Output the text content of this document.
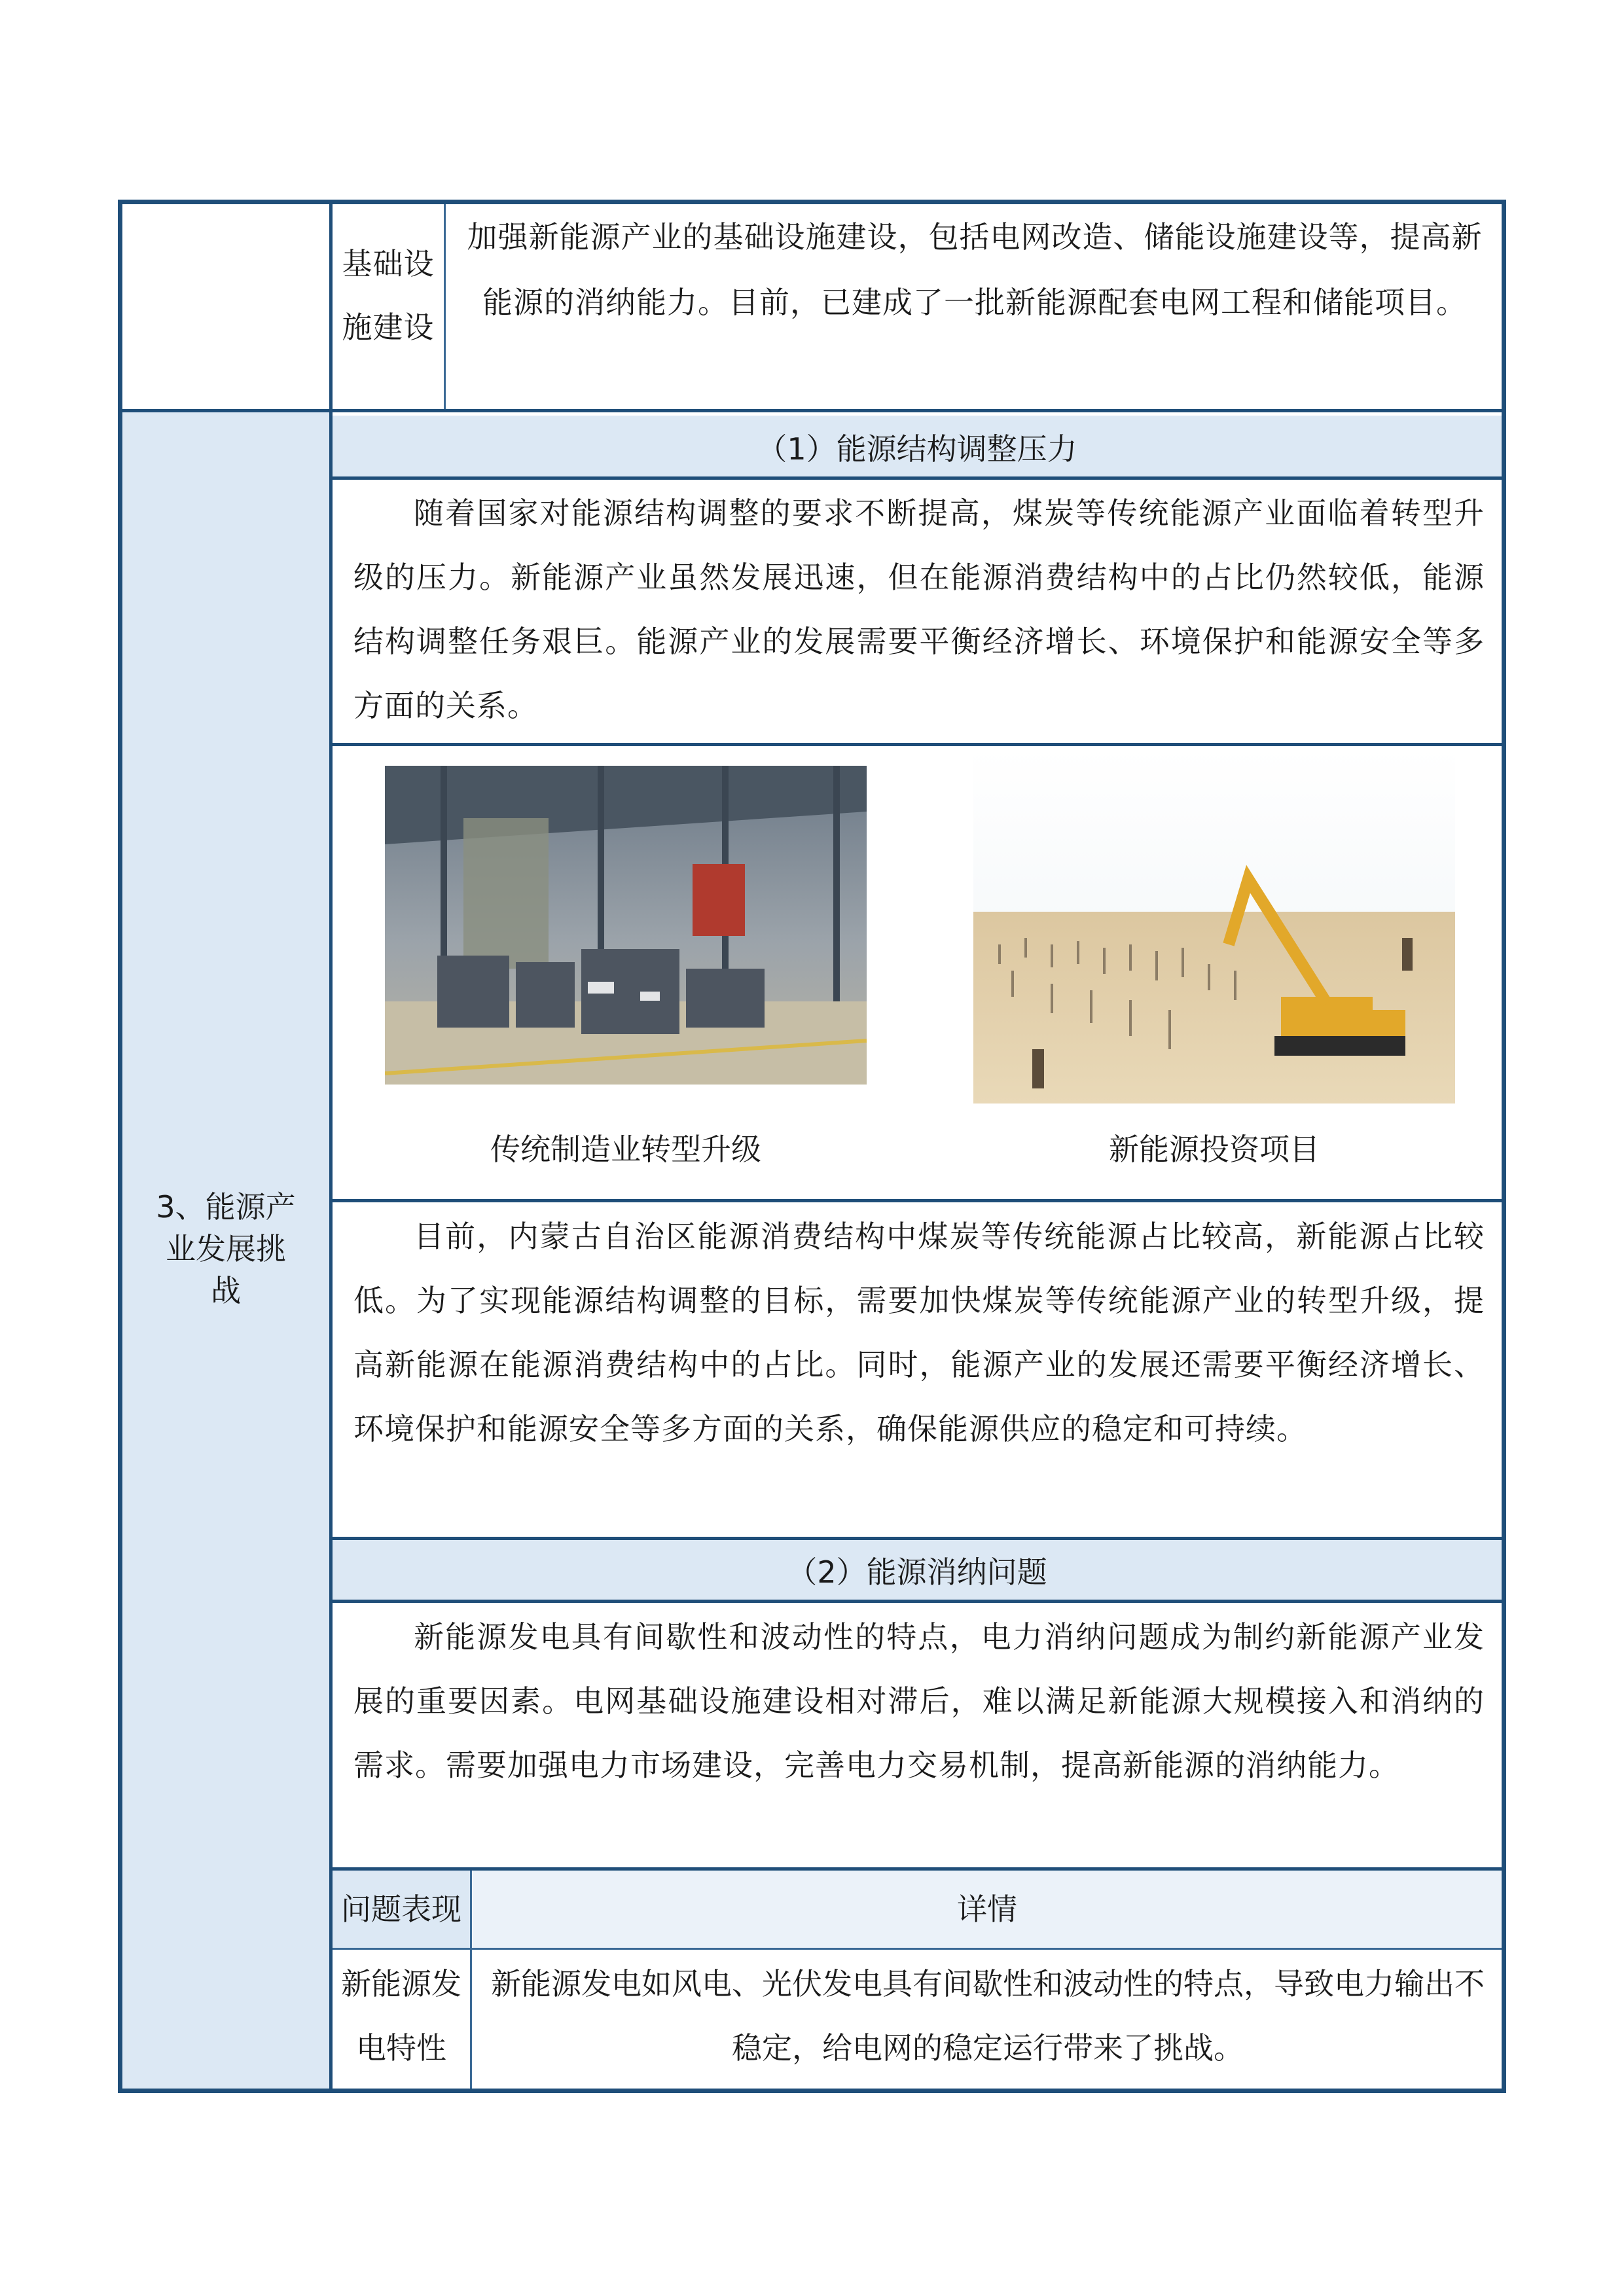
（1）能源结构调整压力
（2）能源消纳问题
基础设
施建设
加强新能源产业的基础设施建设，包括电网改造、储能设施建设等，提高新能源的消纳能力。目前，已建成了一批新能源配套电网工程和储能项目。
3、能源产
业发展挑
战
随着国家对能源结构调整的要求不断提高，煤炭等传统能源产业面临着转型升级的压力。新能源产业虽然发展迅速，但在能源消费结构中的占比仍然较低，能源结构调整任务艰巨。能源产业的发展需要平衡经济增长、环境保护和能源安全等多方面的关系。
传统制造业转型升级	新能源投资项目
目前，内蒙古自治区能源消费结构中煤炭等传统能源占比较高，新能源占比较低。为了实现能源结构调整的目标，需要加快煤炭等传统能源产业的转型升级，提高新能源在能源消费结构中的占比。同时，能源产业的发展还需要平衡经济增长、环境保护和能源安全等多方面的关系，确保能源供应的稳定和可持续。
新能源发电具有间歇性和波动性的特点，电力消纳问题成为制约新能源产业发展的重要因素。电网基础设施建设相对滞后，难以满足新能源大规模接入和消纳的需求。需要加强电力市场建设，完善电力交易机制，提高新能源的消纳能力。
问题表现	详情
新能源发
电特性
新能源发电如风电、光伏发电具有间歇性和波动性的特点，导致电力输出不稳定，给电网的稳定运行带来了挑战。
